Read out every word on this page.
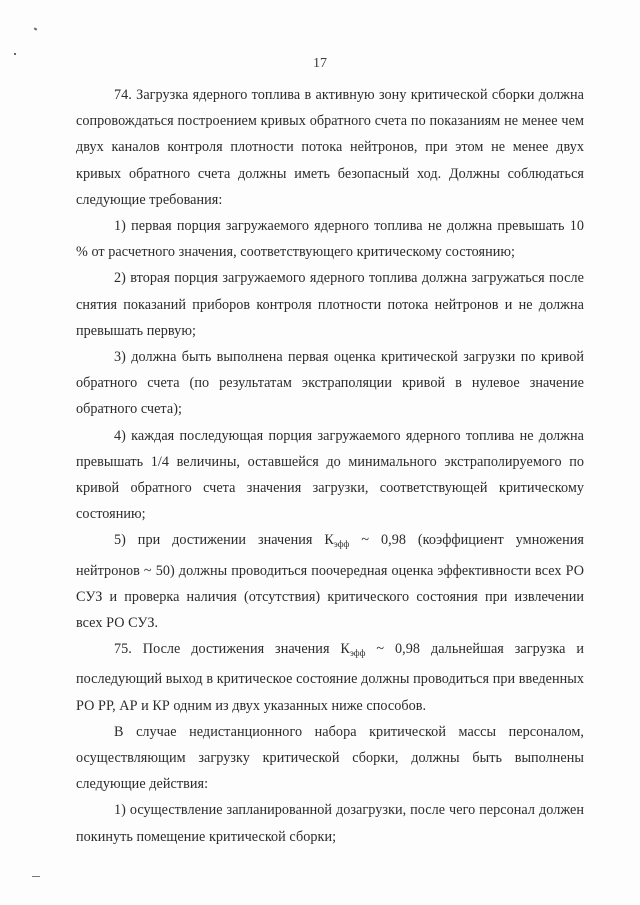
17

74. Загрузка ядерного топлива в активную зону критической сборки должна сопровождаться построением кривых обратного счета по показаниям не менее чем двух каналов контроля плотности потока нейтронов, при этом не менее двух кривых обратного счета должны иметь безопасный ход. Должны соблюдаться следующие требования:

1) первая порция загружаемого ядерного топлива не должна превышать 10 % от расчетного значения, соответствующего критическому состоянию;

2) вторая порция загружаемого ядерного топлива должна загружаться после снятия показаний приборов контроля плотности потока нейтронов и не должна превышать первую;

3) должна быть выполнена первая оценка критической загрузки по кривой обратного счета (по результатам экстраполяции кривой в нулевое значение обратного счета);

4) каждая последующая порция загружаемого ядерного топлива не должна превышать 1/4 величины, оставшейся до минимального экстраполируемого по кривой обратного счета значения загрузки, соответствующей критическому состоянию;

5) при достижении значения $К_{эфф}$ ~ 0,98 (коэффициент умножения нейтронов ~ 50) должны проводиться поочередная оценка эффективности всех РО СУЗ и проверка наличия (отсутствия) критического состояния при извлечении всех РО СУЗ.

75. После достижения значения $К_{эфф}$ ~ 0,98 дальнейшая загрузка и последующий выход в критическое состояние должны проводиться при введенных РО РР, АР и КР одним из двух указанных ниже способов.

В случае недистанционного набора критической массы персоналом, осуществляющим загрузку критической сборки, должны быть выполнены следующие действия:

1) осуществление запланированной дозагрузки, после чего персонал должен покинуть помещение критической сборки;
